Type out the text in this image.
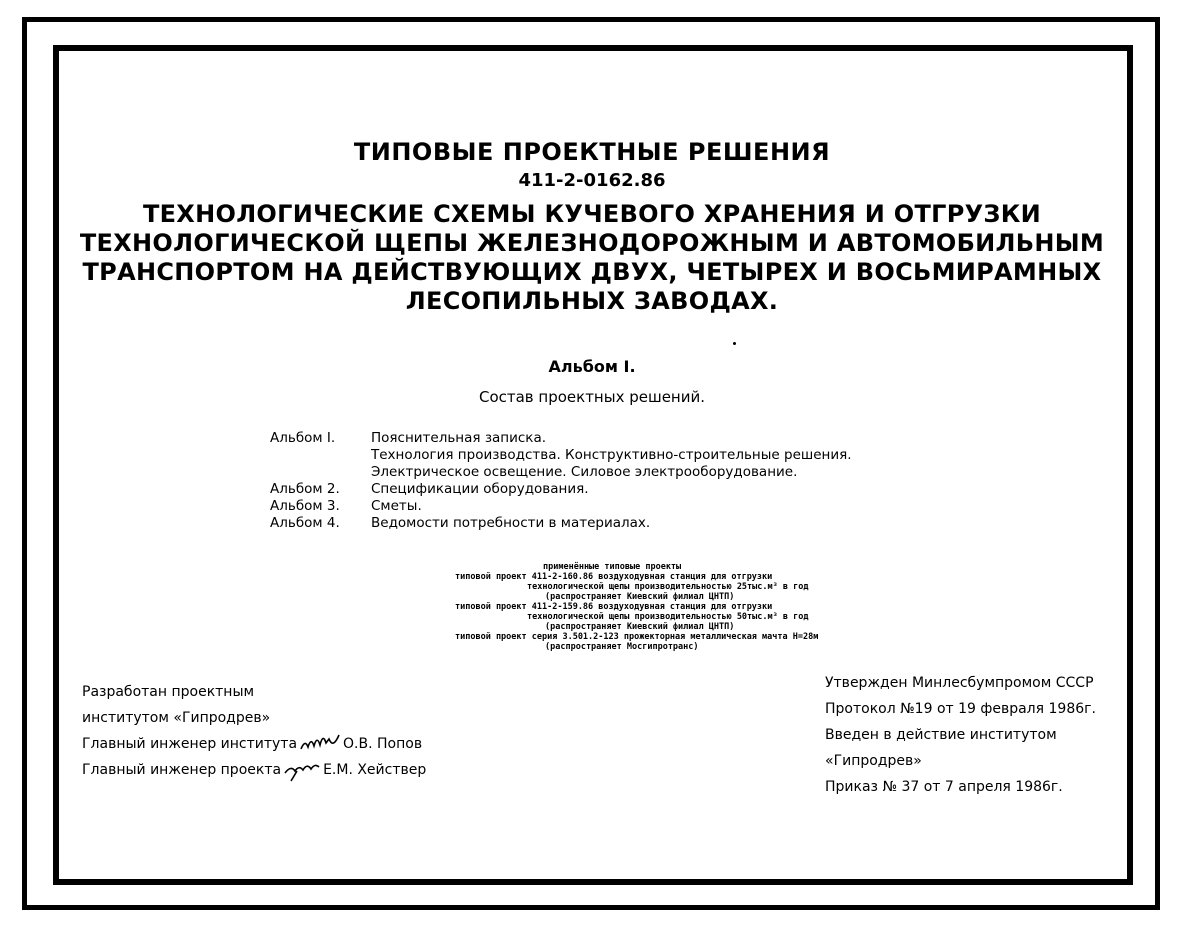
ТИПОВЫЕ ПРОЕКТНЫЕ РЕШЕНИЯ
411-2-0162.86
ТЕХНОЛОГИЧЕСКИЕ СХЕМЫ КУЧЕВОГО ХРАНЕНИЯ И ОТГРУЗКИ
ТЕХНОЛОГИЧЕСКОЙ ЩЕПЫ ЖЕЛЕЗНОДОРОЖНЫМ И АВТОМОБИЛЬНЫМ
ТРАНСПОРТОМ НА ДЕЙСТВУЮЩИХ ДВУХ, ЧЕТЫРЕХ И ВОСЬМИРАМНЫХ
ЛЕСОПИЛЬНЫХ ЗАВОДАХ.
Альбом I.
Состав проектных решений.
Альбом I.	Пояснительная записка.
Технология производства. Конструктивно-строительные решения.
Электрическое освещение. Силовое электрооборудование.
Альбом 2.	Спецификации оборудования.
Альбом 3.	Сметы.
Альбом 4.	Ведомости потребности в материалах.
применённые типовые проекты
типовой проект 411-2-160.86 воздуходувная станция для отгрузки
технологической щепы производительностью 25тыс.м³ в год
(распространяет Киевский филиал ЦНТП)
типовой проект 411-2-159.86 воздуходувная станция для отгрузки
технологической щепы производительностью 50тыс.м³ в год
(распространяет Киевский филиал ЦНТП)
типовой проект серия 3.501.2-123 прожекторная металлическая мачта Н=28м
(распространяет Мосгипротранс)
Разработан проектным
институтом «Гипродрев»
Главный инженер института	О.В. Попов
Главный инженер проекта	Е.М. Хействер
Утвержден Минлесбумпромом СССР
Протокол №19 от 19 февраля 1986г.
Введен в действие институтом
«Гипродрев»
Приказ № 37 от 7 апреля 1986г.
